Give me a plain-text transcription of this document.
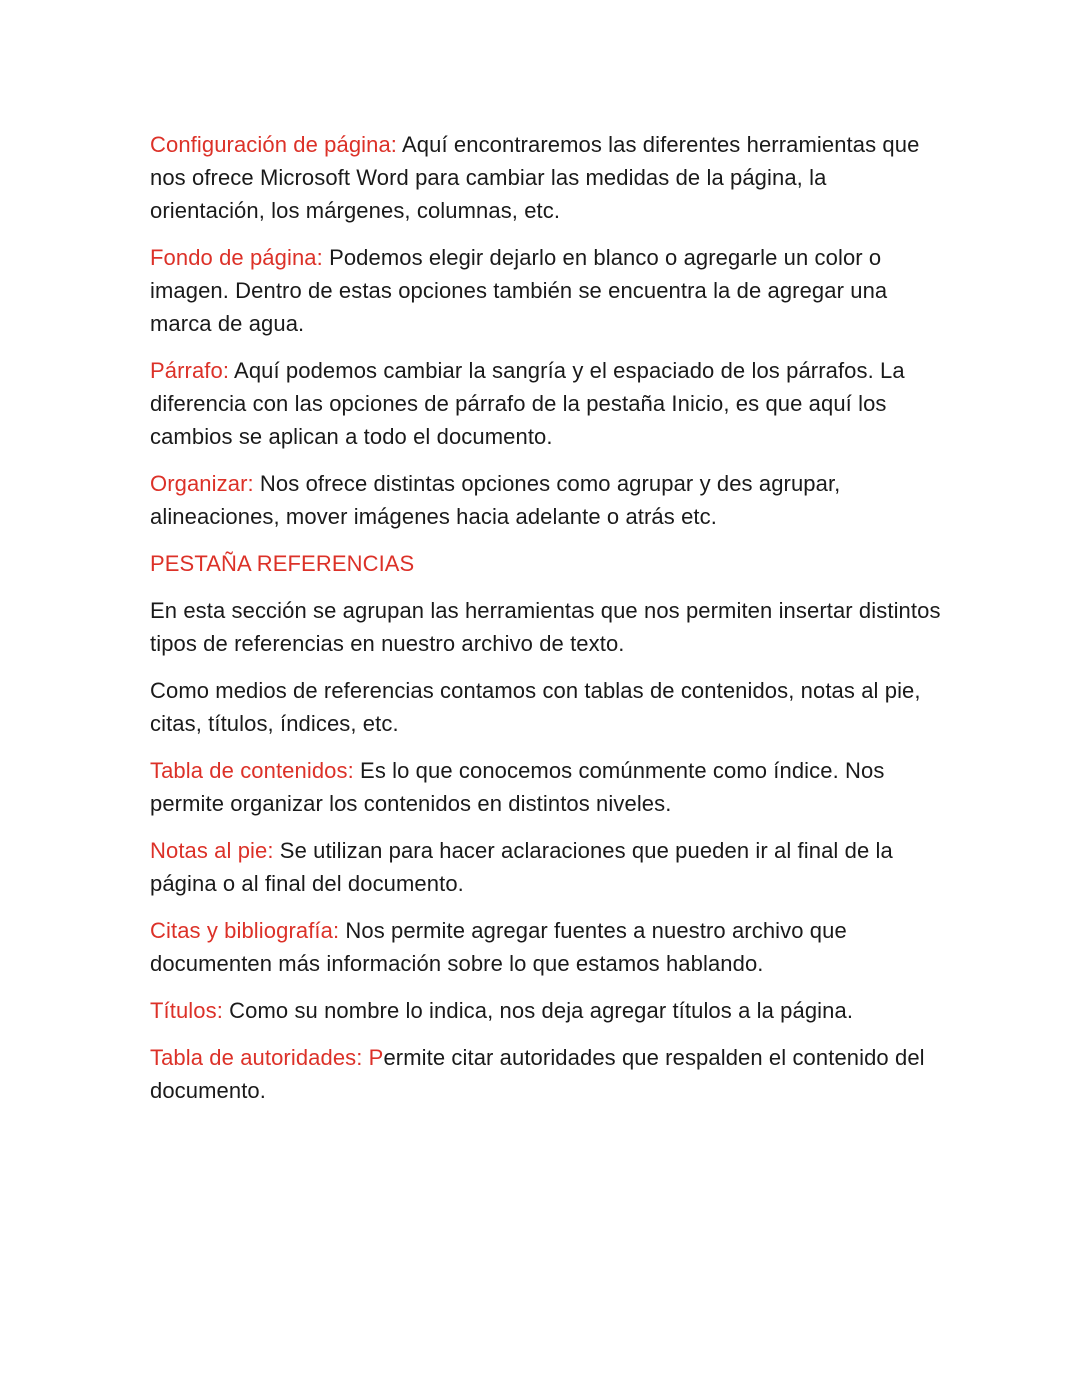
Configuración de página: Aquí encontraremos las diferentes herramientas que nos ofrece Microsoft Word para cambiar las medidas de la página, la orientación, los márgenes, columnas, etc.

Fondo de página: Podemos elegir dejarlo en blanco o agregarle un color o imagen. Dentro de estas opciones también se encuentra la de agregar una marca de agua.

Párrafo: Aquí podemos cambiar la sangría y el espaciado de los párrafos. La diferencia con las opciones de párrafo de la pestaña Inicio, es que aquí los cambios se aplican a todo el documento.

Organizar: Nos ofrece distintas opciones como agrupar y des agrupar, alineaciones, mover imágenes hacia adelante o atrás etc.

PESTAÑA REFERENCIAS

En esta sección se agrupan las herramientas que nos permiten insertar distintos tipos de referencias en nuestro archivo de texto.

Como medios de referencias contamos con tablas de contenidos, notas al pie, citas, títulos, índices, etc.

Tabla de contenidos: Es lo que conocemos comúnmente como índice. Nos permite organizar los contenidos en distintos niveles.

Notas al pie: Se utilizan para hacer aclaraciones que pueden ir al final de la página o al final del documento.

Citas y bibliografía: Nos permite agregar fuentes a nuestro archivo que documenten más información sobre lo que estamos hablando.

Títulos: Como su nombre lo indica, nos deja agregar títulos a la página.

Tabla de autoridades: Permite citar autoridades que respalden el contenido del documento.
